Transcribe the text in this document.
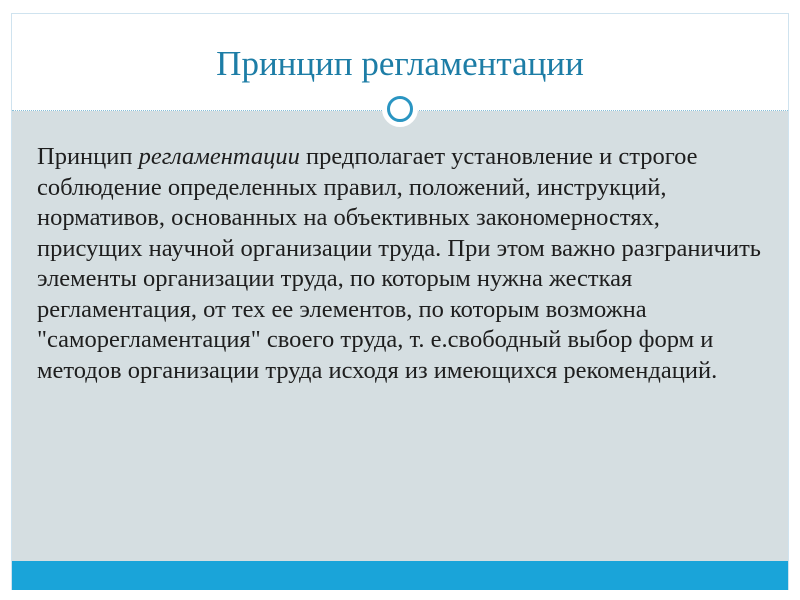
Принцип регламентации

Принцип регламентации предполагает установление и строгое соблюдение определенных правил, положений, инструкций, нормативов, основанных на объективных закономерностях, присущих научной организации труда. При этом важно разграничить элементы организации труда, по которым нужна жесткая регламентация, от тех ее элементов, по которым возможна "саморегламентация" своего труда, т. е.свободный выбор форм и методов организации труда исходя из имеющихся рекомендаций.
